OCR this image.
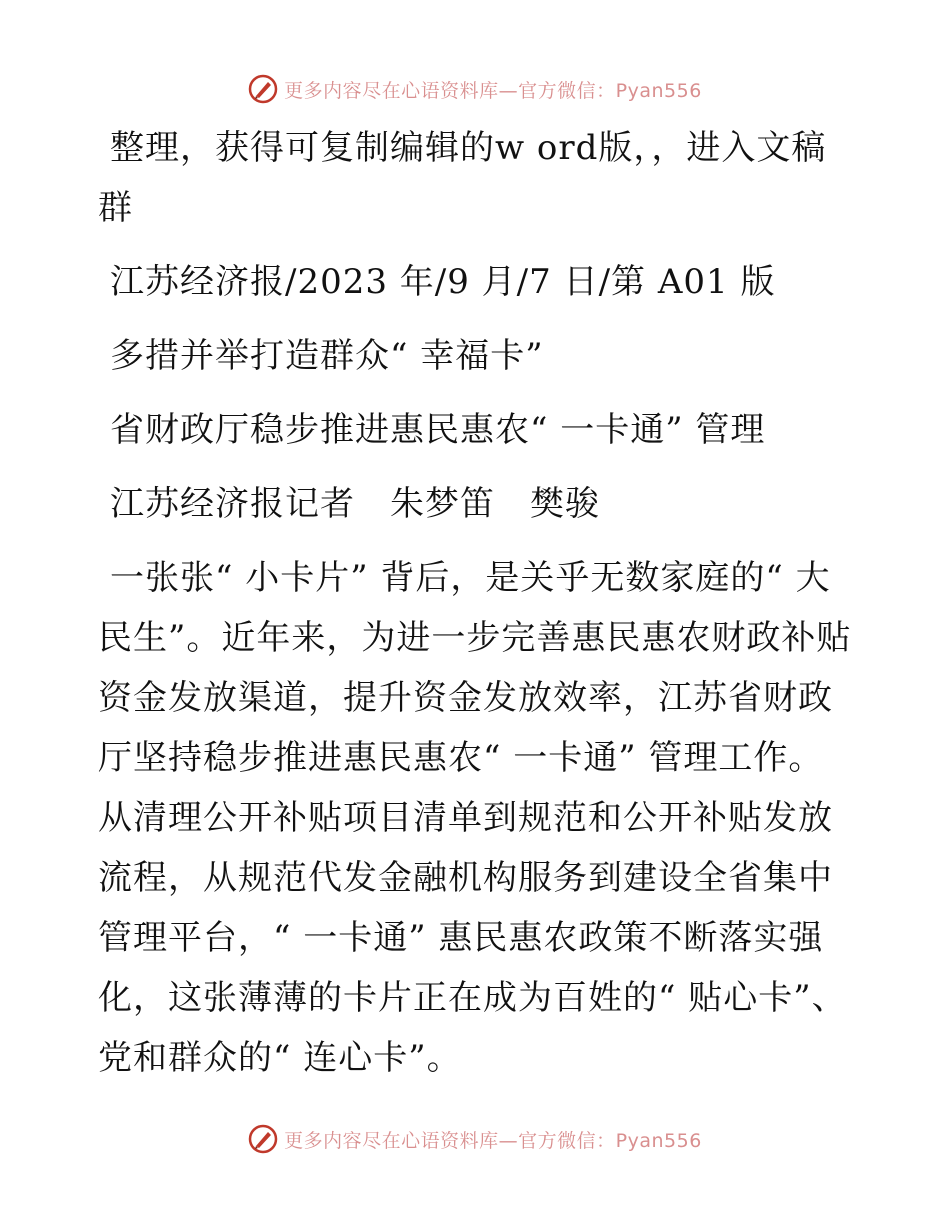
更多内容尽在心语资料库—官方微信：Pyan556

整理，获得可复制编辑的w ord版，，进入文稿群

江苏经济报/2023 年/9 月/7 日/第 A01 版

多措并举打造群众“ 幸福卡”

省财政厅稳步推进惠民惠农“ 一卡通” 管理

江苏经济报记者　朱梦笛　樊骏

一张张“ 小卡片” 背后，是关乎无数家庭的“ 大民生”。近年来，为进一步完善惠民惠农财政补贴资金发放渠道，提升资金发放效率，江苏省财政厅坚持稳步推进惠民惠农“ 一卡通” 管理工作。从清理公开补贴项目清单到规范和公开补贴发放流程，从规范代发金融机构服务到建设全省集中管理平台，“ 一卡通” 惠民惠农政策不断落实强化，这张薄薄的卡片正在成为百姓的“ 贴心卡”、党和群众的“ 连心卡”。

更多内容尽在心语资料库—官方微信：Pyan556
